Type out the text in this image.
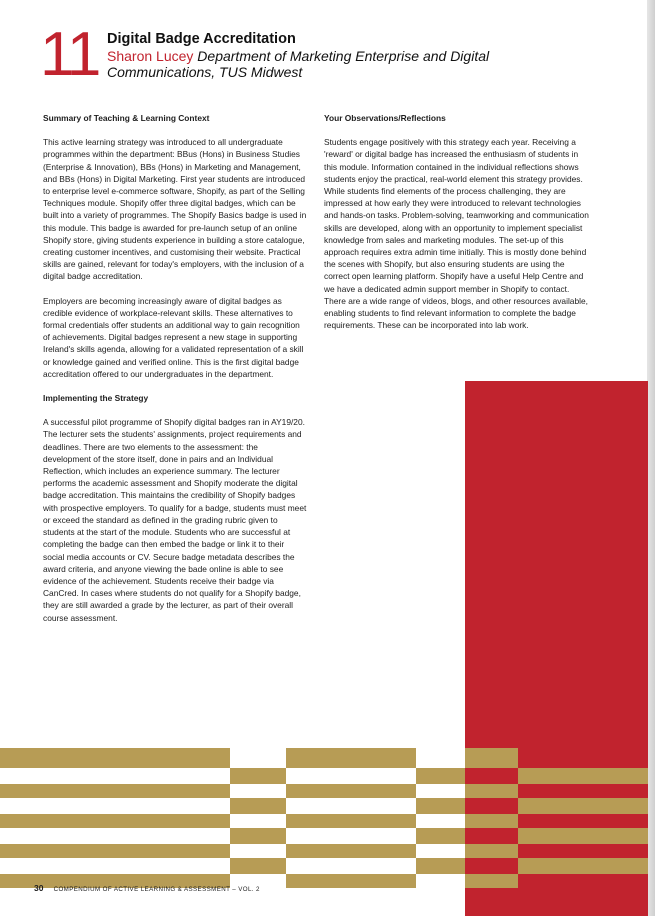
11 Digital Badge Accreditation
Sharon Lucey Department of Marketing Enterprise and Digital Communications, TUS Midwest
Summary of Teaching & Learning Context

This active learning strategy was introduced to all undergraduate programmes within the department: BBus (Hons) in Business Studies (Enterprise & Innovation), BBs (Hons) in Marketing and Management, and BBs (Hons) in Digital Marketing. First year students are introduced to enterprise level e-commerce software, Shopify, as part of the Selling Techniques module. Shopify offer three digital badges, which can be built into a variety of programmes. The Shopify Basics badge is used in this module. This badge is awarded for pre-launch setup of an online Shopify store, giving students experience in building a store catalogue, creating customer incentives, and customising their website. Practical skills are gained, relevant for today's employers, with the inclusion of a digital badge accreditation.

Employers are becoming increasingly aware of digital badges as credible evidence of workplace-relevant skills. These alternatives to formal credentials offer students an additional way to gain recognition of achievements. Digital badges represent a new stage in supporting Ireland's skills agenda, allowing for a validated representation of a skill or knowledge gained and verified online. This is the first digital badge accreditation offered to our undergraduates in the department.

Implementing the Strategy

A successful pilot programme of Shopify digital badges ran in AY19/20. The lecturer sets the students' assignments, project requirements and deadlines. There are two elements to the assessment: the development of the store itself, done in pairs and an Individual Reflection, which includes an experience summary. The lecturer performs the academic assessment and Shopify moderate the digital badge accreditation. This maintains the credibility of Shopify badges with prospective employers. To qualify for a badge, students must meet or exceed the standard as defined in the grading rubric given to students at the start of the module. Students who are successful at completing the badge can then embed the badge or link it to their social media accounts or CV. Secure badge metadata describes the award criteria, and anyone viewing the bade online is able to see evidence of the achievement. Students receive their badge via CanCred. In cases where students do not qualify for a Shopify badge, they are still awarded a grade by the lecturer, as part of their overall course assessment.

Your Observations/Reflections

Students engage positively with this strategy each year. Receiving a 'reward' or digital badge has increased the enthusiasm of students in this module. Information contained in the individual reflections shows students enjoy the practical, real-world element this strategy provides. While students find elements of the process challenging, they are impressed at how early they were introduced to relevant technologies and hands-on tasks. Problem-solving, teamworking and communication skills are developed, along with an opportunity to implement specialist knowledge from sales and marketing modules. The set-up of this approach requires extra admin time initially. This is mostly done behind the scenes with Shopify, but also ensuring students are using the correct open learning platform. Shopify have a useful Help Centre and we have a dedicated admin support member in Shopify to contact. There are a wide range of videos, blogs, and other resources available, enabling students to find relevant information to complete the badge requirements. These can be incorporated into lab work.

30 COMPENDIUM OF ACTIVE LEARNING & ASSESSMENT – VOL. 2
